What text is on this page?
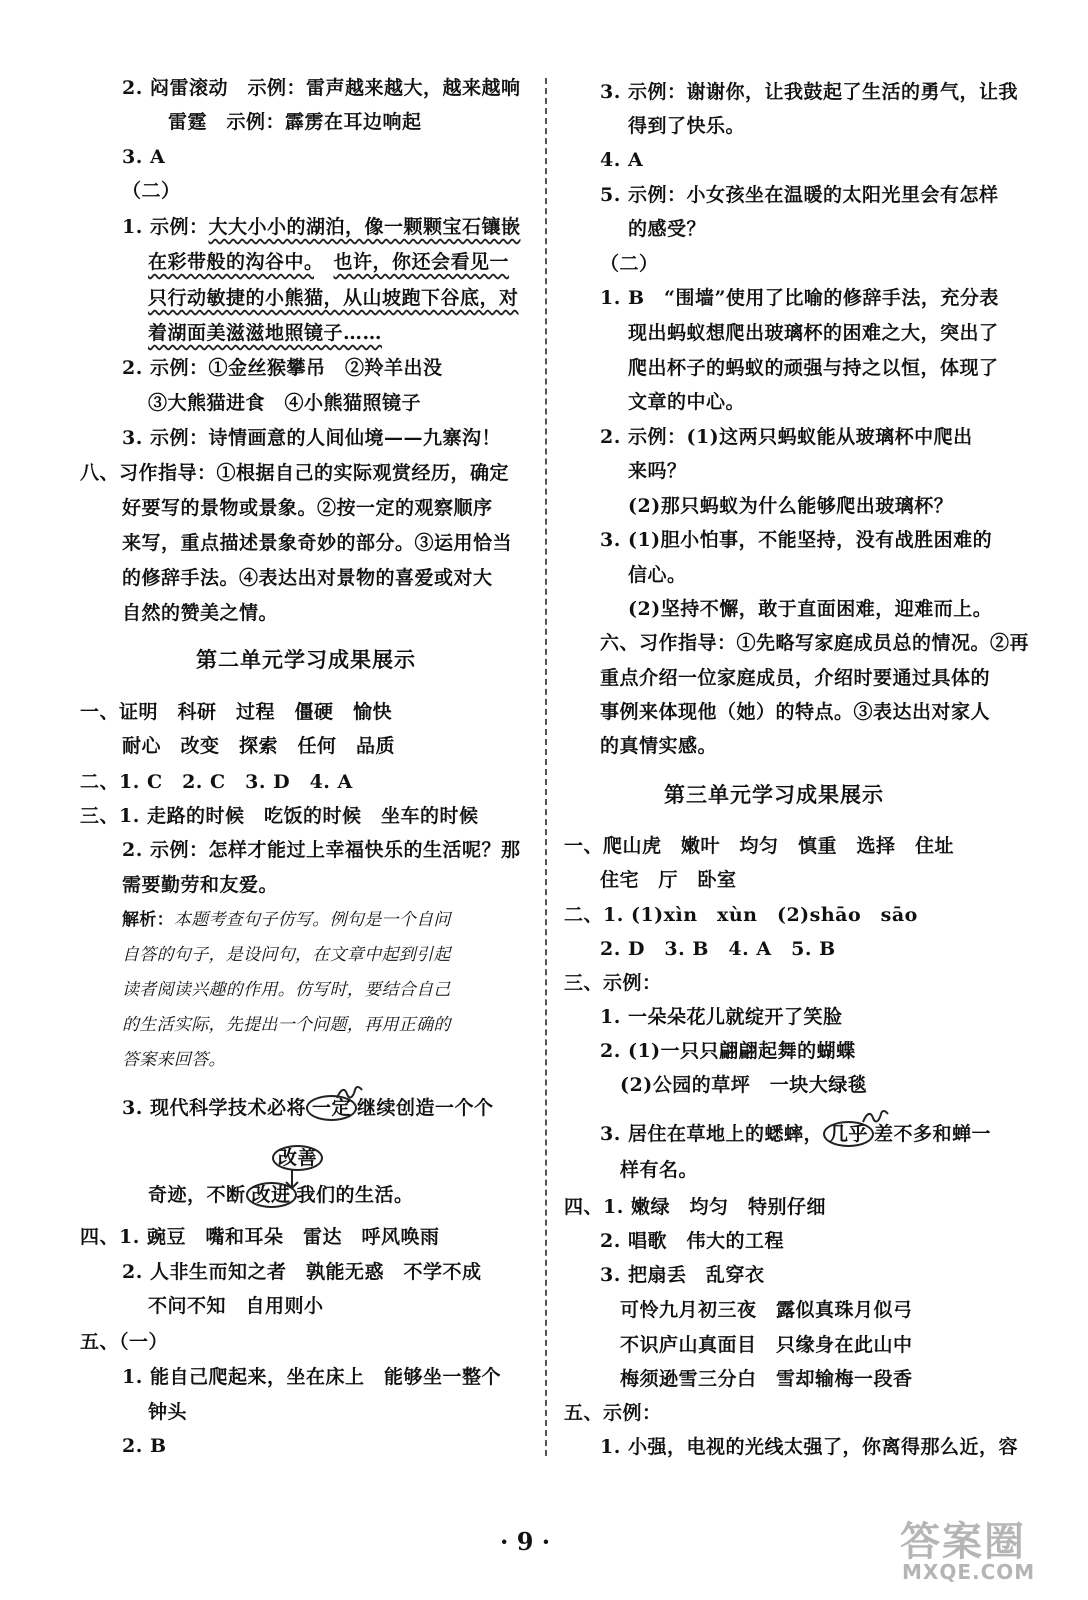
2. 闷雷滚动　示例：雷声越来越大，越来越响
雷霆　示例：霹雳在耳边响起
3. A
（二）
1. 示例：大大小小的湖泊，像一颗颗宝石镶嵌
在彩带般的沟谷中。　 也许，你还会看见一
只行动敏捷的小熊猫，从山坡跑下谷底，对
着湖面美滋滋地照镜子……
2. 示例：①金丝猴攀吊　②羚羊出没
③大熊猫进食　④小熊猫照镜子
3. 示例：诗情画意的人间仙境——九寨沟！
八、习作指导：①根据自己的实际观赏经历，确定
好要写的景物或景象。②按一定的观察顺序
来写，重点描述景象奇妙的部分。③运用恰当
的修辞手法。④表达出对景物的喜爱或对大
自然的赞美之情。
第二单元学习成果展示
一、证明　科研　过程　僵硬　愉快
耐心　改变　探索　任何　品质
二、1. C　2. C　3. D　4. A
三、1. 走路的时候　吃饭的时候　坐车的时候
2. 示例：怎样才能过上幸福快乐的生活呢？那
需要勤劳和友爱。
解析：本题考查句子仿写。例句是一个自问
自答的句子，是设问句，在文章中起到引起
读者阅读兴趣的作用。仿写时，要结合自己
的生活实际，先提出一个问题，再用正确的
答案来回答。
3. 现代科学技术必将 一定 继续创造一个个
改善
奇迹，不断 改进 我们的生活。
四、1. 豌豆　嘴和耳朵　雷达　呼风唤雨
2. 人非生而知之者　孰能无惑　不学不成
不问不知　自用则小
五、（一）
1. 能自己爬起来，坐在床上　能够坐一整个
钟头
2. B
3. 示例：谢谢你，让我鼓起了生活的勇气，让我
得到了快乐。
4. A
5. 示例：小女孩坐在温暖的太阳光里会有怎样
的感受？
（二）
1. B　“围墙”使用了比喻的修辞手法，充分表
现出蚂蚁想爬出玻璃杯的困难之大，突出了
爬出杯子的蚂蚁的顽强与持之以恒，体现了
文章的中心。
2. 示例：(1)这两只蚂蚁能从玻璃杯中爬出
来吗？
(2)那只蚂蚁为什么能够爬出玻璃杯？
3. (1)胆小怕事，不能坚持，没有战胜困难的
信心。
(2)坚持不懈，敢于直面困难，迎难而上。
六、习作指导：①先略写家庭成员总的情况。②再
重点介绍一位家庭成员，介绍时要通过具体的
事例来体现他（她）的特点。③表达出对家人
的真情实感。
第三单元学习成果展示
一、爬山虎　嫩叶　均匀　慎重　选择　住址
住宅　厅　卧室
二、1. (1)xìn　xùn　(2)shāo　sāo
2. D　3. B　4. A　5. B
三、示例：
1. 一朵朵花儿就绽开了笑脸
2. (1)一只只翩翩起舞的蝴蝶
(2)公园的草坪　一块大绿毯
3. 居住在草地上的蟋蟀， 几乎 差不多和蝉一
样有名。
四、1. 嫩绿　均匀　特别仔细
2. 唱歌　伟大的工程
3. 把扇丢　乱穿衣
可怜九月初三夜　露似真珠月似弓
不识庐山真面目　只缘身在此山中
梅须逊雪三分白　雪却输梅一段香
五、示例：
1. 小强，电视的光线太强了，你离得那么近，容
· 9 ·	答案圈
MXQE.COM
